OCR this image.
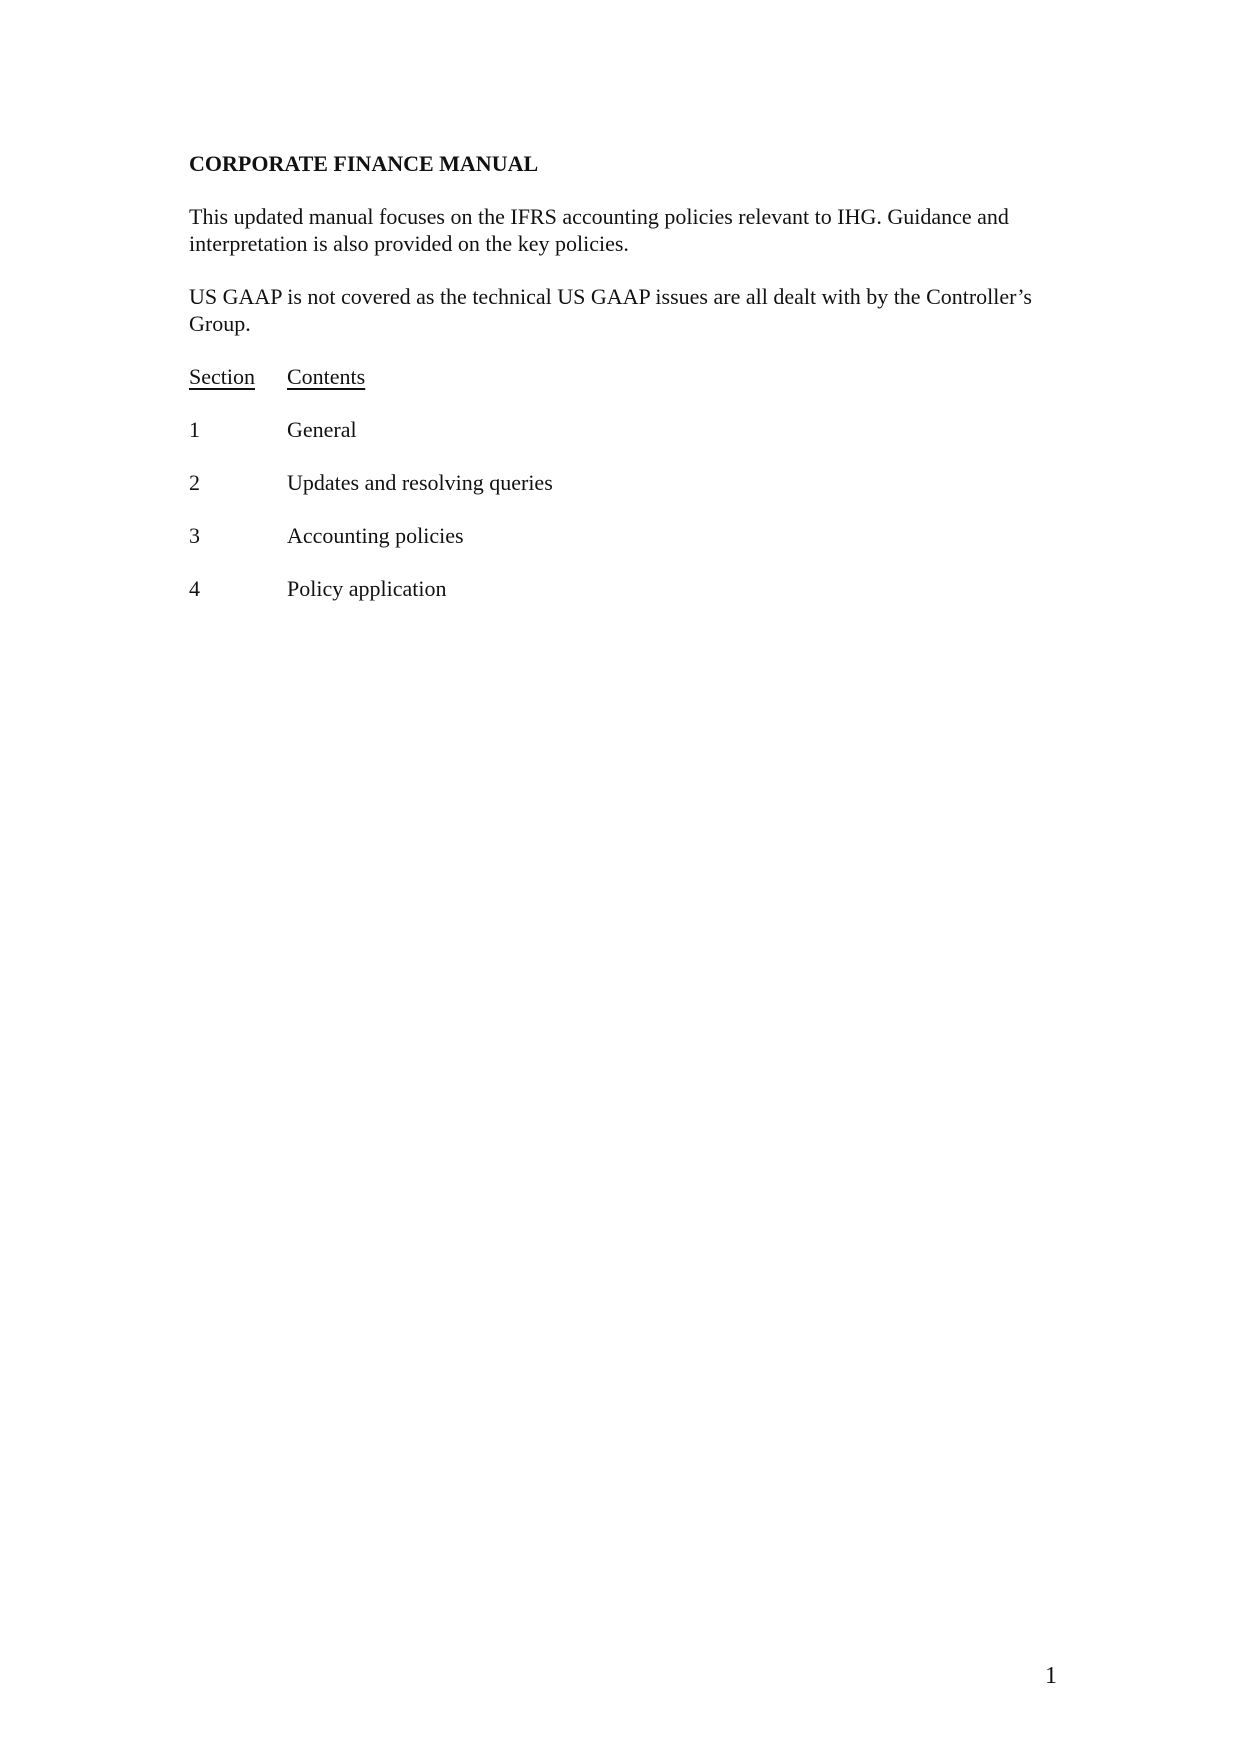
CORPORATE FINANCE MANUAL
This updated manual focuses on the IFRS accounting policies relevant to IHG. Guidance and interpretation is also provided on the key policies.
US GAAP is not covered as the technical US GAAP issues are all dealt with by the Controller’s Group.
Section	Contents
1	General
2	Updates and resolving queries
3	Accounting policies
4	Policy application
1
